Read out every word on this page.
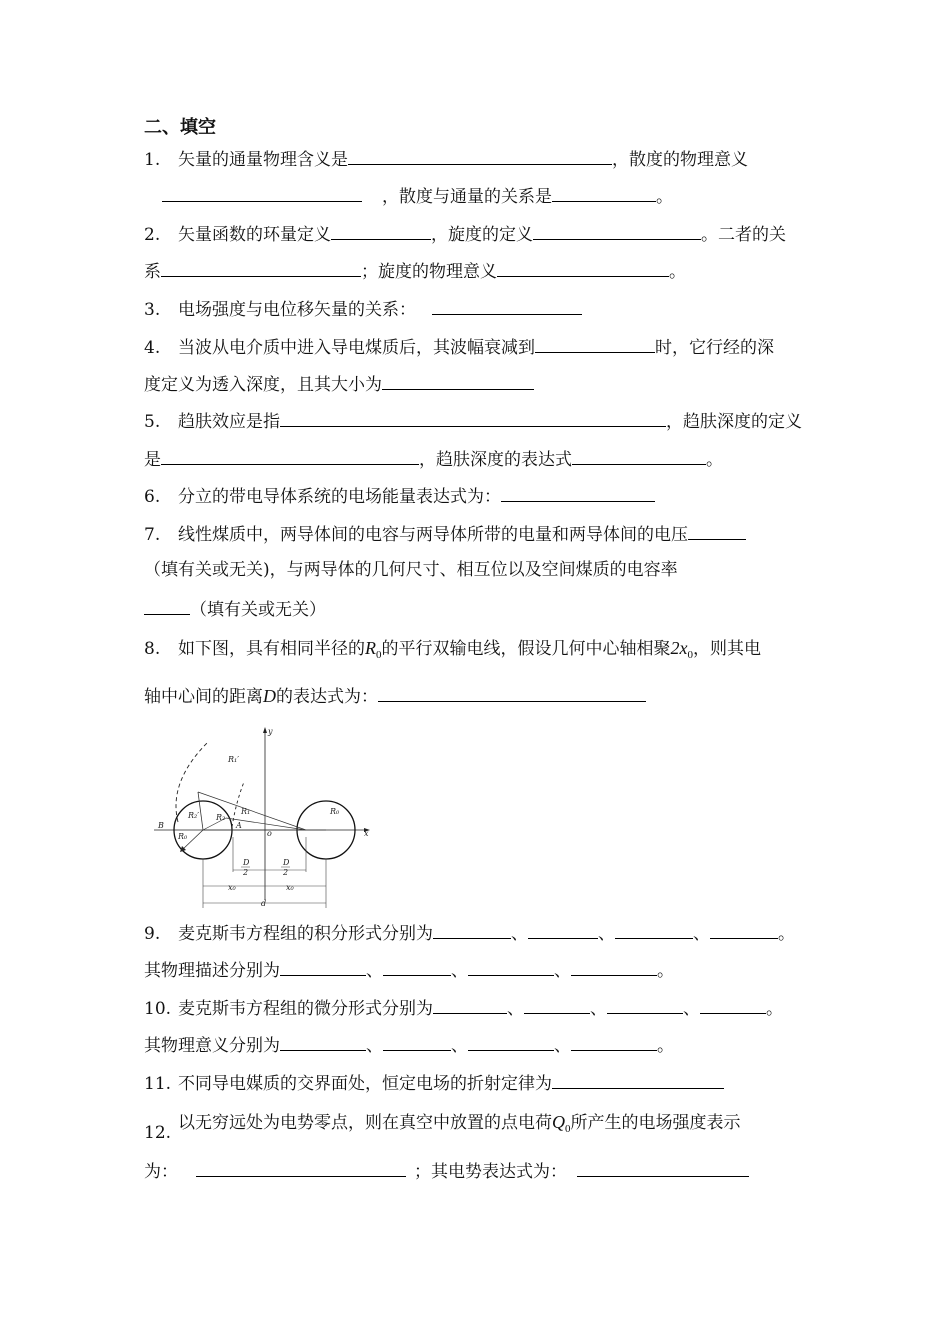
二、填空
1. 矢量的通量物理含义是	，散度的物理意义
，散度与通量的关系是	。
2. 矢量函数的环量定义	，旋度的定义	。二者的关
系	；旋度的物理意义	。
3. 电场强度与电位移矢量的关系：
4. 当波从电介质中进入导电煤质后，其波幅衰减到	时，它行经的深
度定义为透入深度，且其大小为
5. 趋肤效应是指	，趋肤深度的定义
是	，趋肤深度的表达式	。
6. 分立的带电导体系统的电场能量表达式为：
7. 线性煤质中，两导体间的电容与两导体所带的电量和两导体间的电压
（填有关或无关)，与两导体的几何尺寸、相互位以及空间煤质的电容率
（填有关或无关）
8. 如下图，具有相同半径的$R_0$的平行双输电线，假设几何中心轴相聚$2x_0$，则其电
轴中心间的距离D的表达式为：
y
x
o
B	A
R₁′
R₂′ R₂
R₁
R₀
R₀
D
2
D
2
x₀	x₀
d
9. 麦克斯韦方程组的积分形式分别为	、	、	、	。
其物理描述分别为	、	、	、	。
10. 麦克斯韦方程组的微分形式分别为	、	、	、	。
其物理意义分别为	、	、	、	。
11. 不同导电媒质的交界面处，恒定电场的折射定律为
12. 以无穷远处为电势零点，则在真空中放置的点电荷$Q_0$所产生的电场强度表示
为：	；其电势表达式为：
